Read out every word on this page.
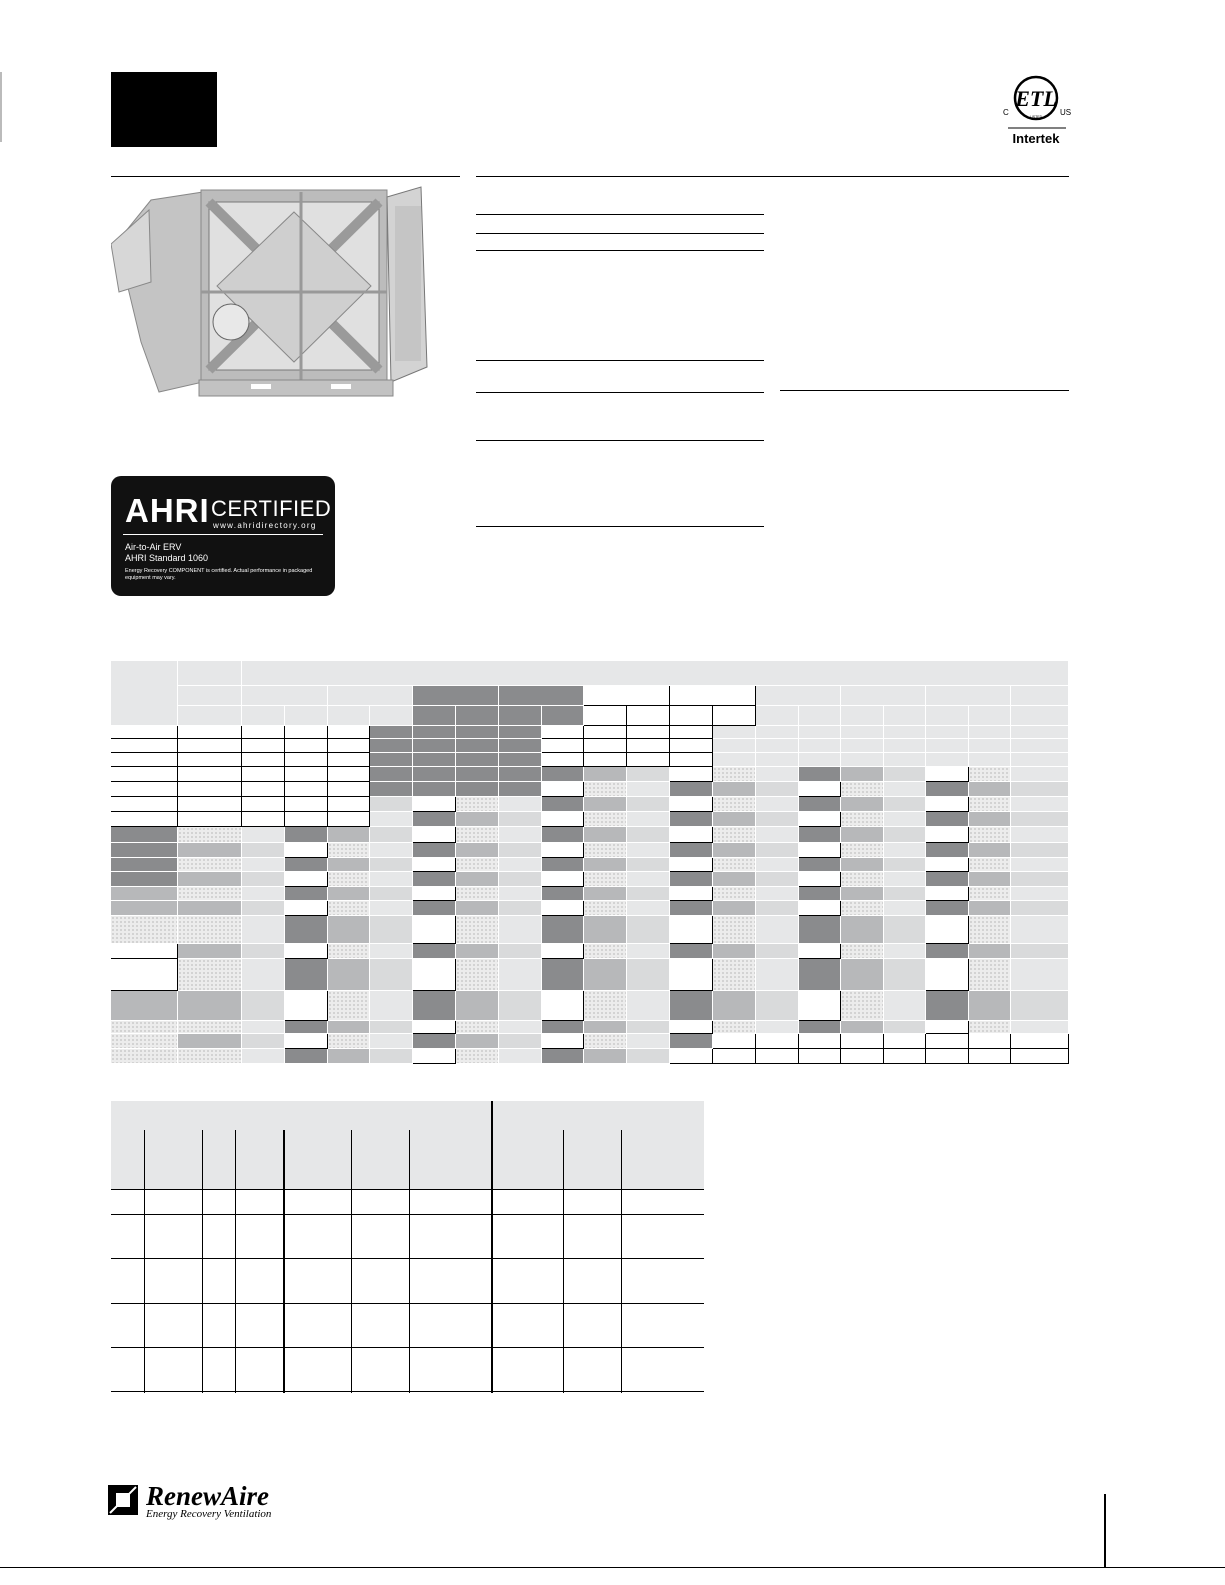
ETL
C	US
LISTED
Intertek
AHRI CERTIFIED
www.ahridirectory.org
Air-to-Air ERV
AHRI Standard 1060
Energy Recovery COMPONENT is certified. Actual performance in packaged equipment may vary.
RenewAire
Energy Recovery Ventilation
